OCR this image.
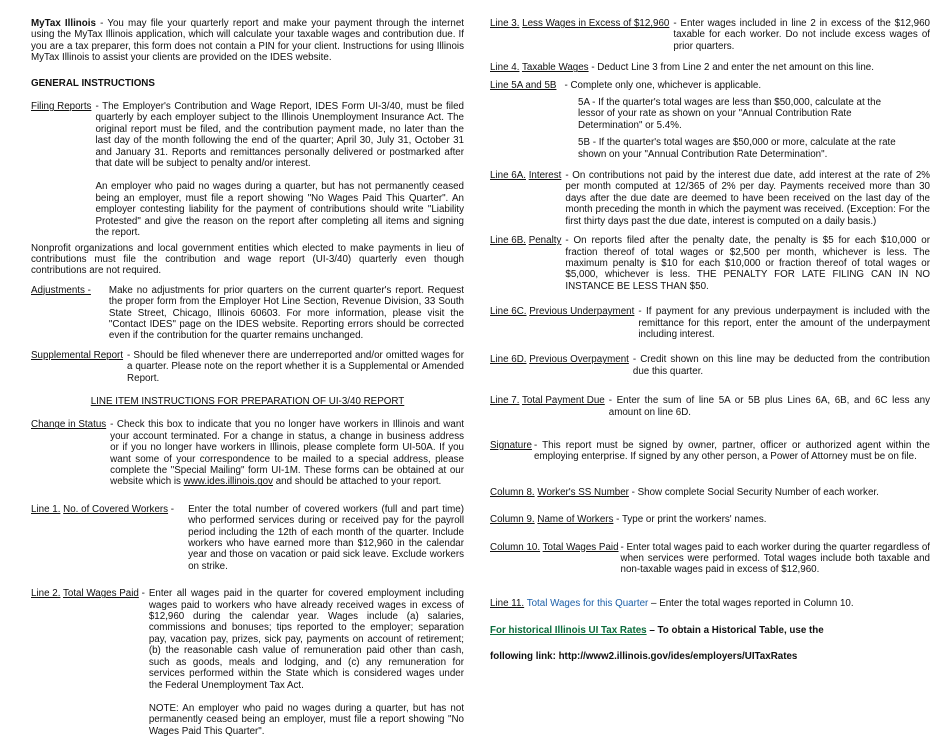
MyTax Illinois - You may file your quarterly report and make your payment through the internet using the MyTax Illinois application, which will calculate your taxable wages and contribution due. If you are a tax preparer, this form does not contain a PIN for your client. Instructions for using Illinois MyTax Illinois to assist your clients are provided on the IDES website.

GENERAL INSTRUCTIONS

Filing Reports - The Employer's Contribution and Wage Report, IDES Form UI-3/40, must be filed quarterly by each employer subject to the Illinois Unemployment Insurance Act. The original report must be filed, and the contribution payment made, no later than the last day of the month following the end of the quarter; April 30, July 31, October 31 and January 31. Reports and remittances personally delivered or postmarked after that date will be subject to penalty and/or interest.

An employer who paid no wages during a quarter, but has not permanently ceased being an employer, must file a report showing "No Wages Paid This Quarter". An employer contesting liability for the payment of contributions should write "Liability Protested" and give the reason on the report after completing all items and signing the report.

Nonprofit organizations and local government entities which elected to make payments in lieu of contributions must file the contribution and wage report (UI-3/40) quarterly even though contributions are not required.

Adjustments -	Make no adjustments for prior quarters on the current quarter's report. Request the proper form from the Employer Hot Line Section, Revenue Division, 33 South State Street, Chicago, Illinois 60603. For more information, please visit the "Contact IDES" page on the IDES website. Reporting errors should be corrected even if the contribution for the quarter remains unchanged.
Supplemental Report - Should be filed whenever there are underreported and/or omitted wages for a quarter. Please note on the report whether it is a Supplemental or Amended Report.

LINE ITEM INSTRUCTIONS FOR PREPARATION OF UI-3/40 REPORT

Change in Status - Check this box to indicate that you no longer have workers in Illinois and want your account terminated. For a change in status, a change in business address or if you no longer have workers in Illinois, please complete form UI-50A. If you want some of your correspondence to be mailed to a special address, please complete the "Special Mailing" form UI-1M. These forms can be obtained at our website which is www.ides.illinois.gov and should be attached to your report.
Line 1. No. of Covered Workers -	Enter the total number of covered workers (full and part time) who performed services during or received pay for the payroll period including the 12th of each month of the quarter. Include workers who have earned more than $12,960 in the calendar year and those on vacation or paid sick leave. Exclude workers on strike.
Line 2. Total Wages Paid - Enter all wages paid in the quarter for covered employment including wages paid to workers who have already received wages in excess of $12,960 during the calendar year. Wages include (a) salaries, commissions and bonuses; tips reported to the employer; separation pay, vacation pay, prizes, sick pay, payments on account of retirement; (b) the reasonable cash value of remuneration paid other than cash, such as goods, meals and lodging, and (c) any remuneration for services performed within the State which is considered wages under the Federal Unemployment Tax Act.

NOTE: An employer who paid no wages during a quarter, but has not permanently ceased being an employer, must file a report showing "No Wages Paid This Quarter".

Line 3. Less Wages in Excess of $12,960 - Enter wages included in line 2 in excess of the $12,960 taxable for each worker. Do not include excess wages of prior quarters.

Line 4. Taxable Wages - Deduct Line 3 from Line 2 and enter the net amount on this line.

Line 5A and 5B - Complete only one, whichever is applicable.

5A - If the quarter's total wages are less than $50,000, calculate at the lessor of your rate as shown on your "Annual Contribution Rate Determination" or 5.4%.

5B - If the quarter's total wages are $50,000 or more, calculate at the rate shown on your "Annual Contribution Rate Determination".

Line 6A. Interest - On contributions not paid by the interest due date, add interest at the rate of 2% per month computed at 12/365 of 2% per day. Payments received more than 30 days after the due date are deemed to have been received on the last day of the month preceding the month in which the payment was received. (Exception: For the first thirty days past the due date, interest is computed on a daily basis.)
Line 6B. Penalty - On reports filed after the penalty date, the penalty is $5 for each $10,000 or fraction thereof of total wages or $2,500 per month, whichever is less. The maximum penalty is $10 for each $10,000 or fraction thereof of total wages or $5,000, whichever is less. THE PENALTY FOR LATE FILING CAN IN NO INSTANCE BE LESS THAN $50.
Line 6C. Previous Underpayment - If payment for any previous underpayment is included with the remittance for this report, enter the amount of the underpayment including interest.
Line 6D. Previous Overpayment - Credit shown on this line may be deducted from the contribution due this quarter.
Line 7. Total Payment Due - Enter the sum of line 5A or 5B plus Lines 6A, 6B, and 6C less any amount on line 6D.
Signature - This report must be signed by owner, partner, officer or authorized agent within the employing enterprise. If signed by any other person, a Power of Attorney must be on file.

Column 8. Worker's SS Number - Show complete Social Security Number of each worker.

Column 9. Name of Workers - Type or print the workers' names.

Column 10. Total Wages Paid - Enter total wages paid to each worker during the quarter regardless of when services were performed. Total wages include both taxable and non-taxable wages paid in excess of $12,960.

Line 11. Total Wages for this Quarter – Enter the total wages reported in Column 10.

For historical Illinois UI Tax Rates – To obtain a Historical Table, use the

following link: http://www2.illinois.gov/ides/employers/UITaxRates
